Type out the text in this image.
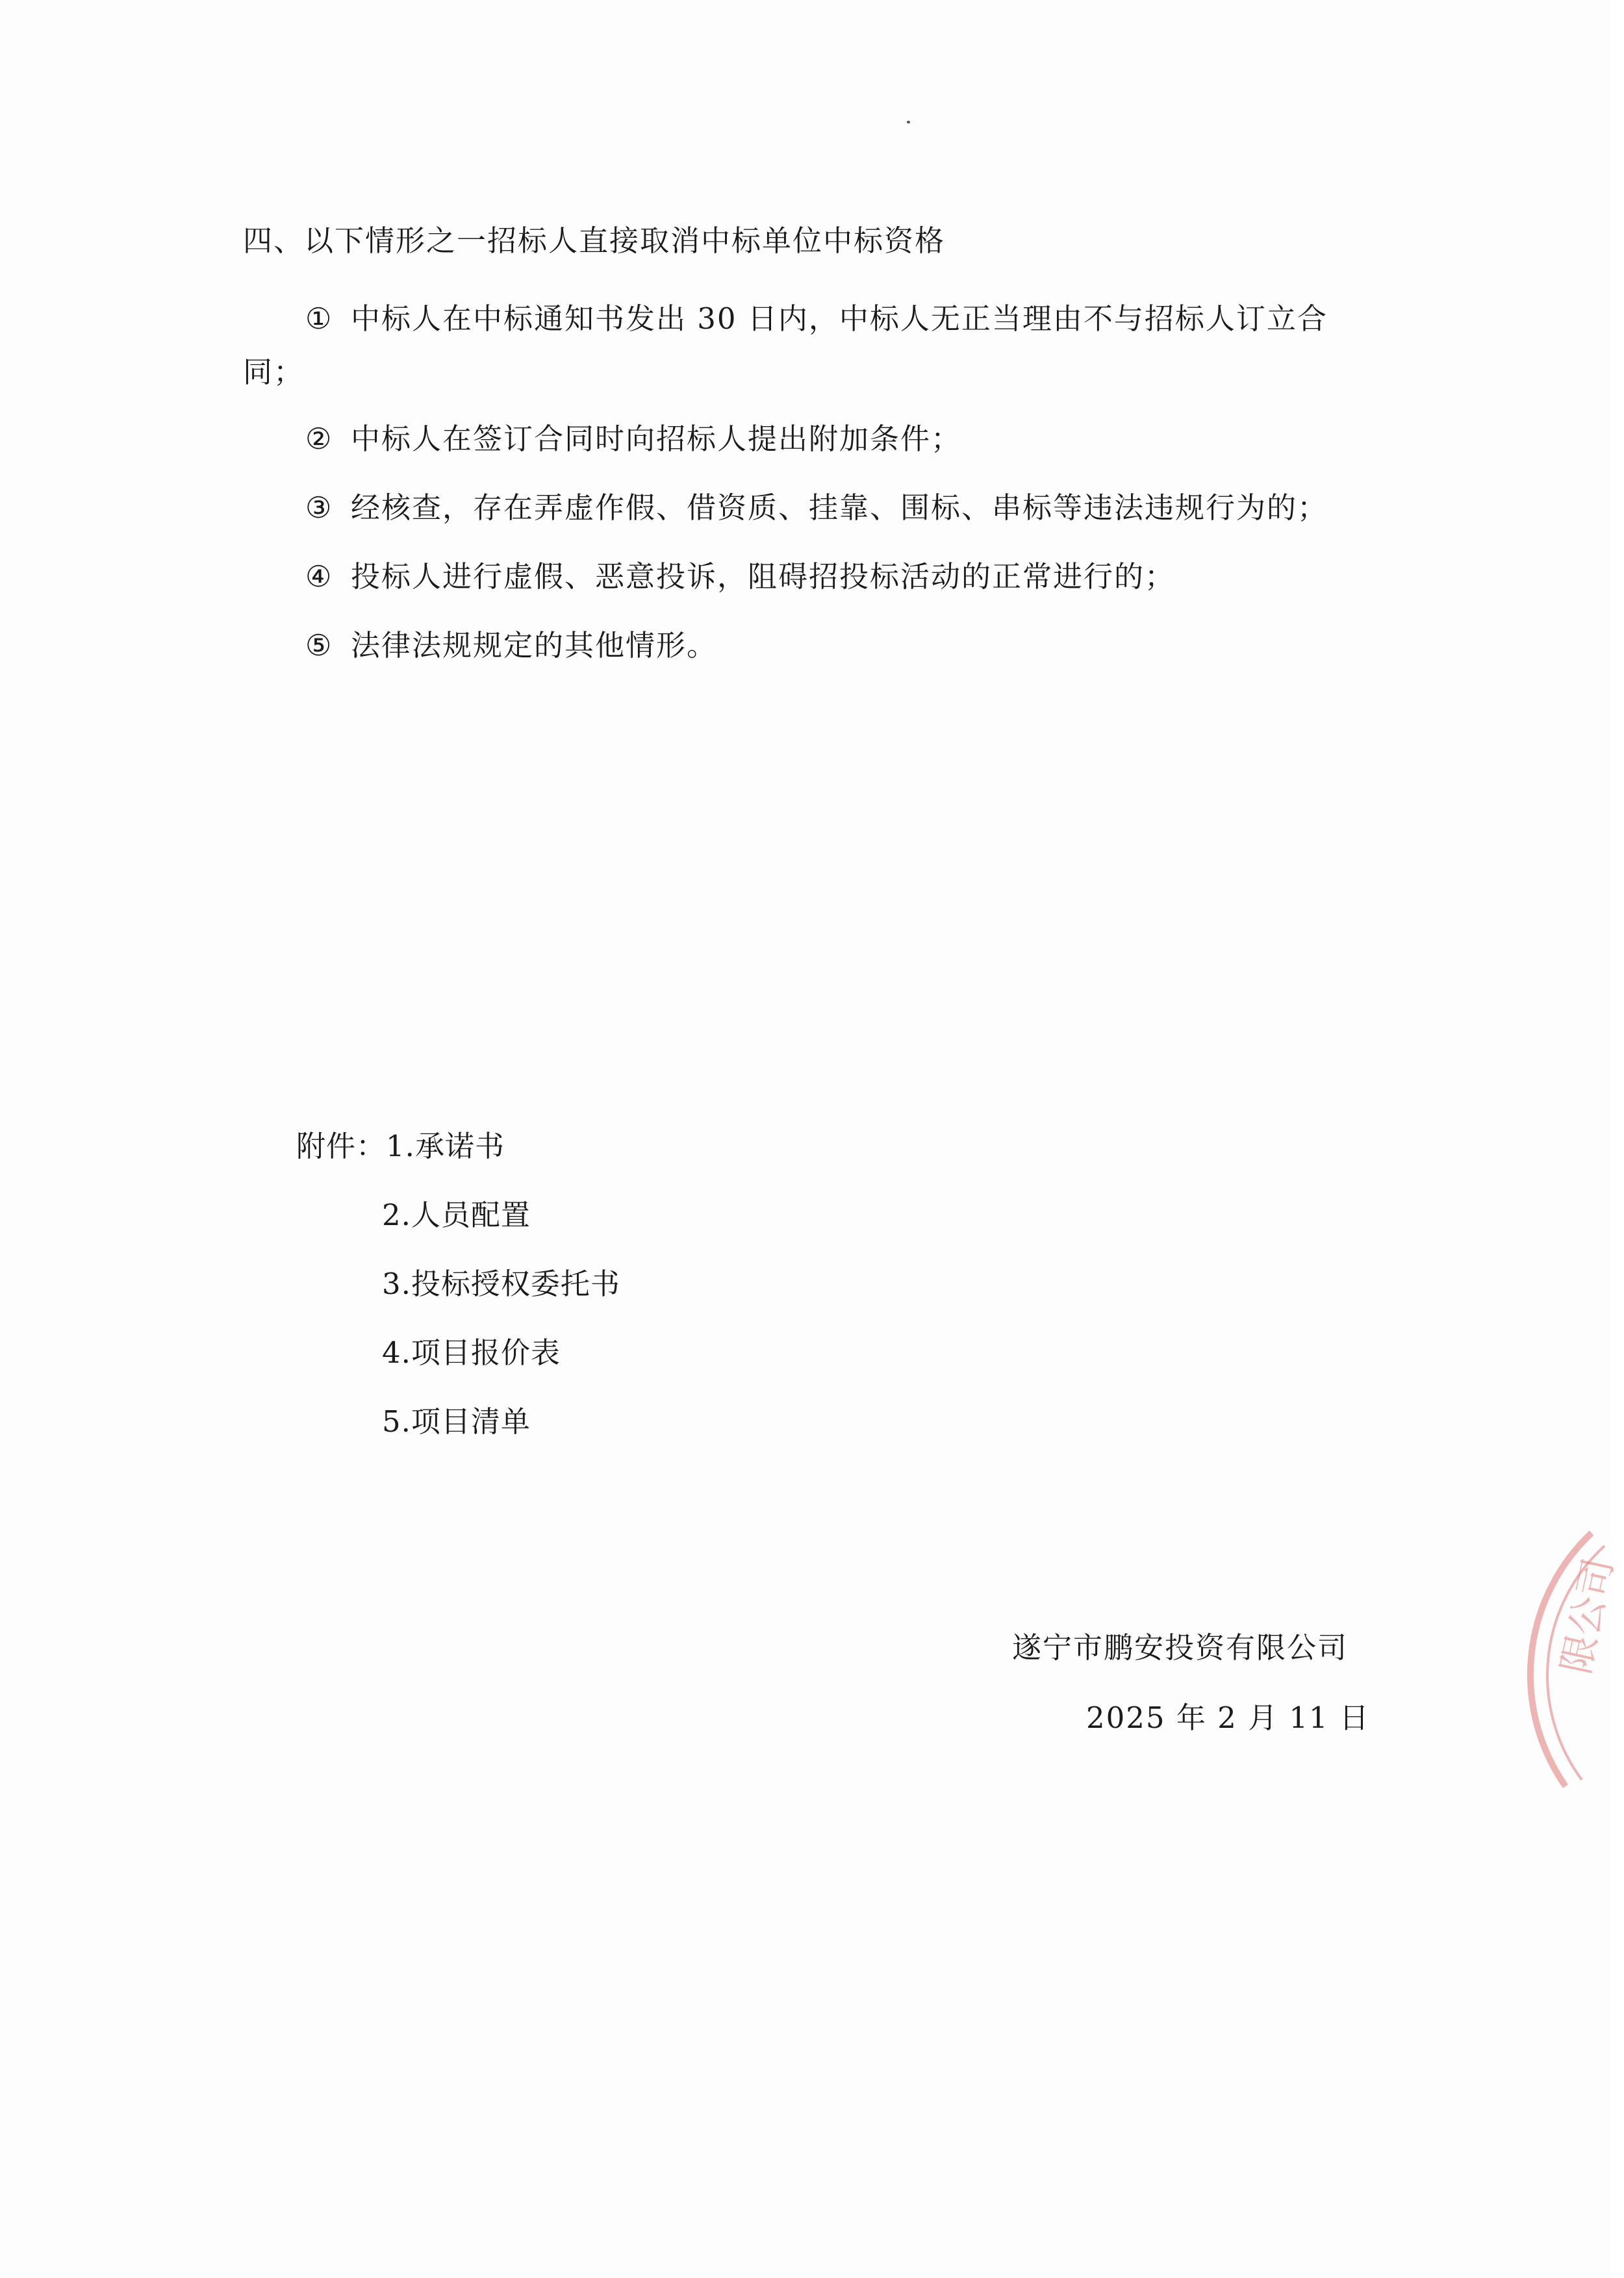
四、以下情形之一招标人直接取消中标单位中标资格
① 中标人在中标通知书发出 30 日内，中标人无正当理由不与招标人订立合
同；
② 中标人在签订合同时向招标人提出附加条件；
③ 经核查，存在弄虚作假、借资质、挂靠、围标、串标等违法违规行为的；
④ 投标人进行虚假、恶意投诉，阻碍招投标活动的正常进行的；
⑤ 法律法规规定的其他情形。
附件：1.承诺书
2.人员配置
3.投标授权委托书
4.项目报价表
5.项目清单
遂宁市鹏安投资有限公司
2025 年 2 月 11 日
限公司
